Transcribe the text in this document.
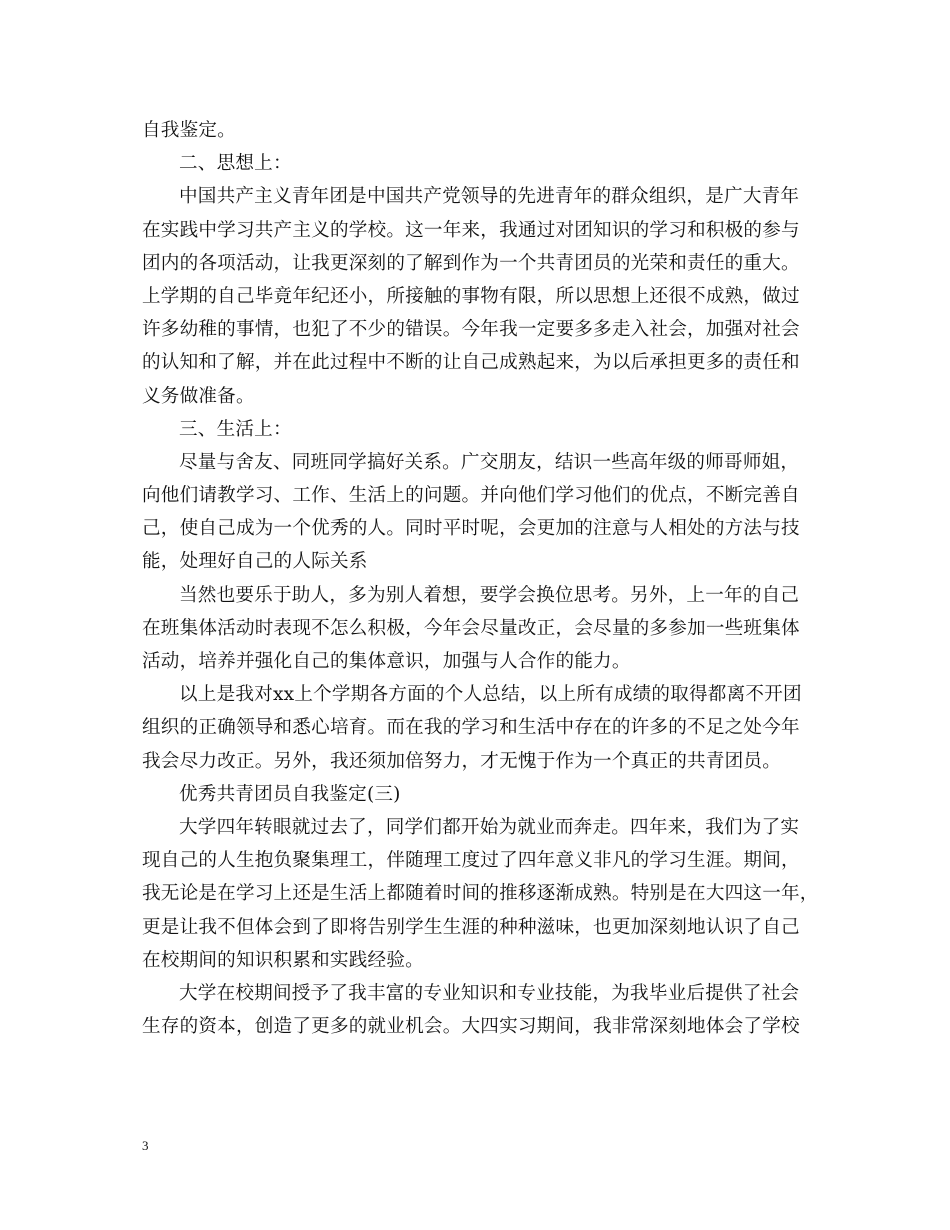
自我鉴定。
二、思想上：
中国共产主义青年团是中国共产党领导的先进青年的群众组织，是广大青年
在实践中学习共产主义的学校。这一年来，我通过对团知识的学习和积极的参与
团内的各项活动，让我更深刻的了解到作为一个共青团员的光荣和责任的重大。
上学期的自己毕竟年纪还小，所接触的事物有限，所以思想上还很不成熟，做过
许多幼稚的事情，也犯了不少的错误。今年我一定要多多走入社会，加强对社会
的认知和了解，并在此过程中不断的让自己成熟起来，为以后承担更多的责任和
义务做准备。
三、生活上：
尽量与舍友、同班同学搞好关系。广交朋友，结识一些高年级的师哥师姐，
向他们请教学习、工作、生活上的问题。并向他们学习他们的优点，不断完善自
己，使自己成为一个优秀的人。同时平时呢，会更加的注意与人相处的方法与技
能，处理好自己的人际关系
当然也要乐于助人，多为别人着想，要学会换位思考。另外，上一年的自己
在班集体活动时表现不怎么积极，今年会尽量改正，会尽量的多参加一些班集体
活动，培养并强化自己的集体意识，加强与人合作的能力。
以上是我对xx上个学期各方面的个人总结，以上所有成绩的取得都离不开团
组织的正确领导和悉心培育。而在我的学习和生活中存在的许多的不足之处今年
我会尽力改正。另外，我还须加倍努力，才无愧于作为一个真正的共青团员。
优秀共青团员自我鉴定(三)
大学四年转眼就过去了，同学们都开始为就业而奔走。四年来，我们为了实
现自己的人生抱负聚集理工，伴随理工度过了四年意义非凡的学习生涯。期间，
我无论是在学习上还是生活上都随着时间的推移逐渐成熟。特别是在大四这一年，
更是让我不但体会到了即将告别学生生涯的种种滋味，也更加深刻地认识了自己
在校期间的知识积累和实践经验。
大学在校期间授予了我丰富的专业知识和专业技能，为我毕业后提供了社会
生存的资本，创造了更多的就业机会。大四实习期间，我非常深刻地体会了学校
3
